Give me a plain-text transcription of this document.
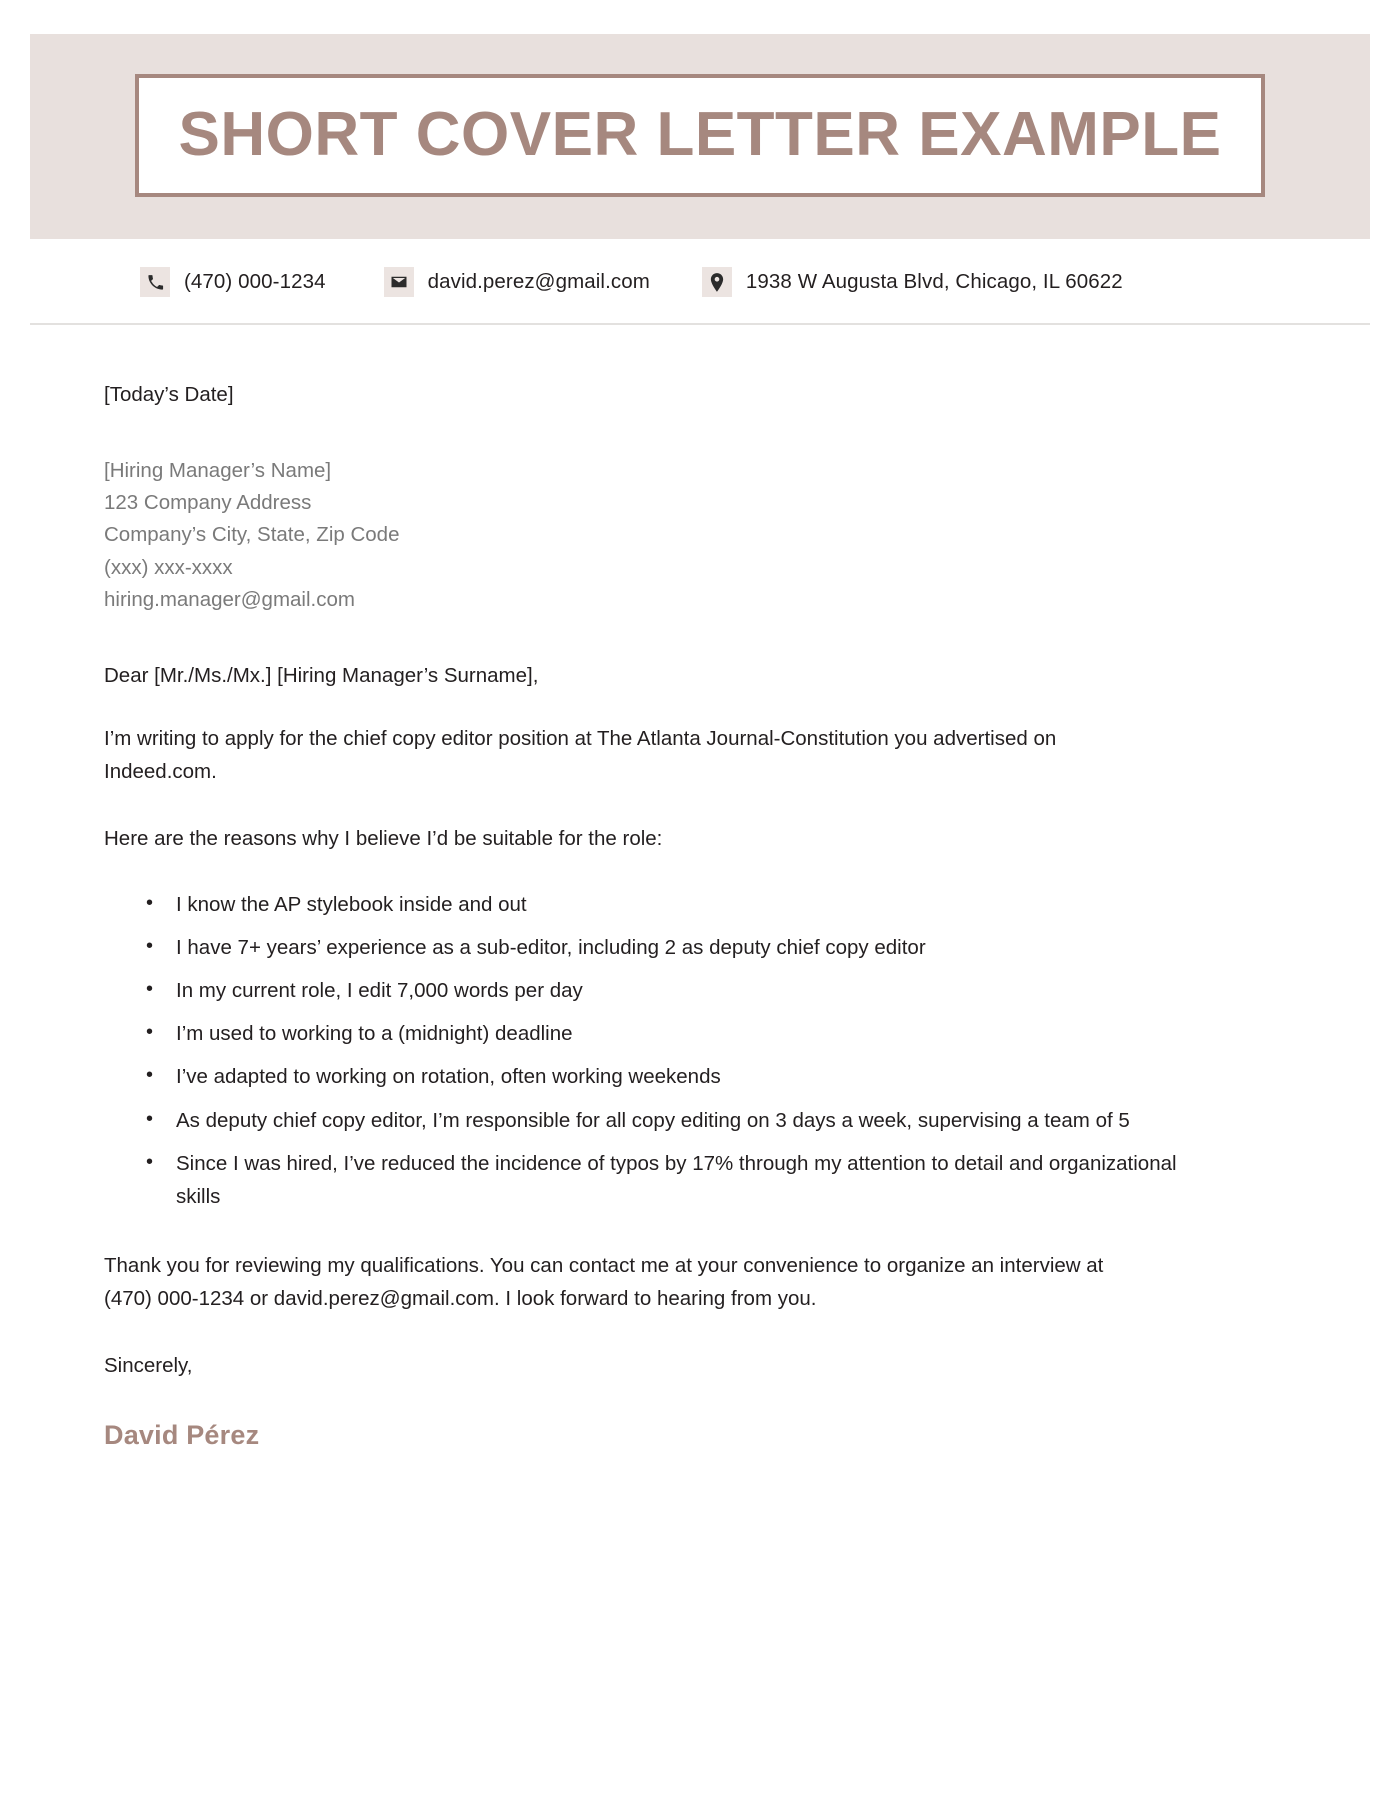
SHORT COVER LETTER EXAMPLE
(470) 000-1234	david.perez@gmail.com	1938 W Augusta Blvd, Chicago, IL 60622
[Today’s Date]
[Hiring Manager’s Name]
123 Company Address
Company’s City, State, Zip Code
(xxx) xxx-xxxx
hiring.manager@gmail.com
Dear [Mr./Ms./Mx.] [Hiring Manager’s Surname],
I’m writing to apply for the chief copy editor position at The Atlanta Journal-Constitution you advertised on Indeed.com.
Here are the reasons why I believe I’d be suitable for the role:
• I know the AP stylebook inside and out
• I have 7+ years’ experience as a sub-editor, including 2 as deputy chief copy editor
• In my current role, I edit 7,000 words per day
• I’m used to working to a (midnight) deadline
• I’ve adapted to working on rotation, often working weekends
• As deputy chief copy editor, I’m responsible for all copy editing on 3 days a week, supervising a team of 5
• Since I was hired, I’ve reduced the incidence of typos by 17% through my attention to detail and organizational skills
Thank you for reviewing my qualifications. You can contact me at your convenience to organize an interview at (470) 000-1234 or david.perez@gmail.com. I look forward to hearing from you.
Sincerely,
David Pérez
